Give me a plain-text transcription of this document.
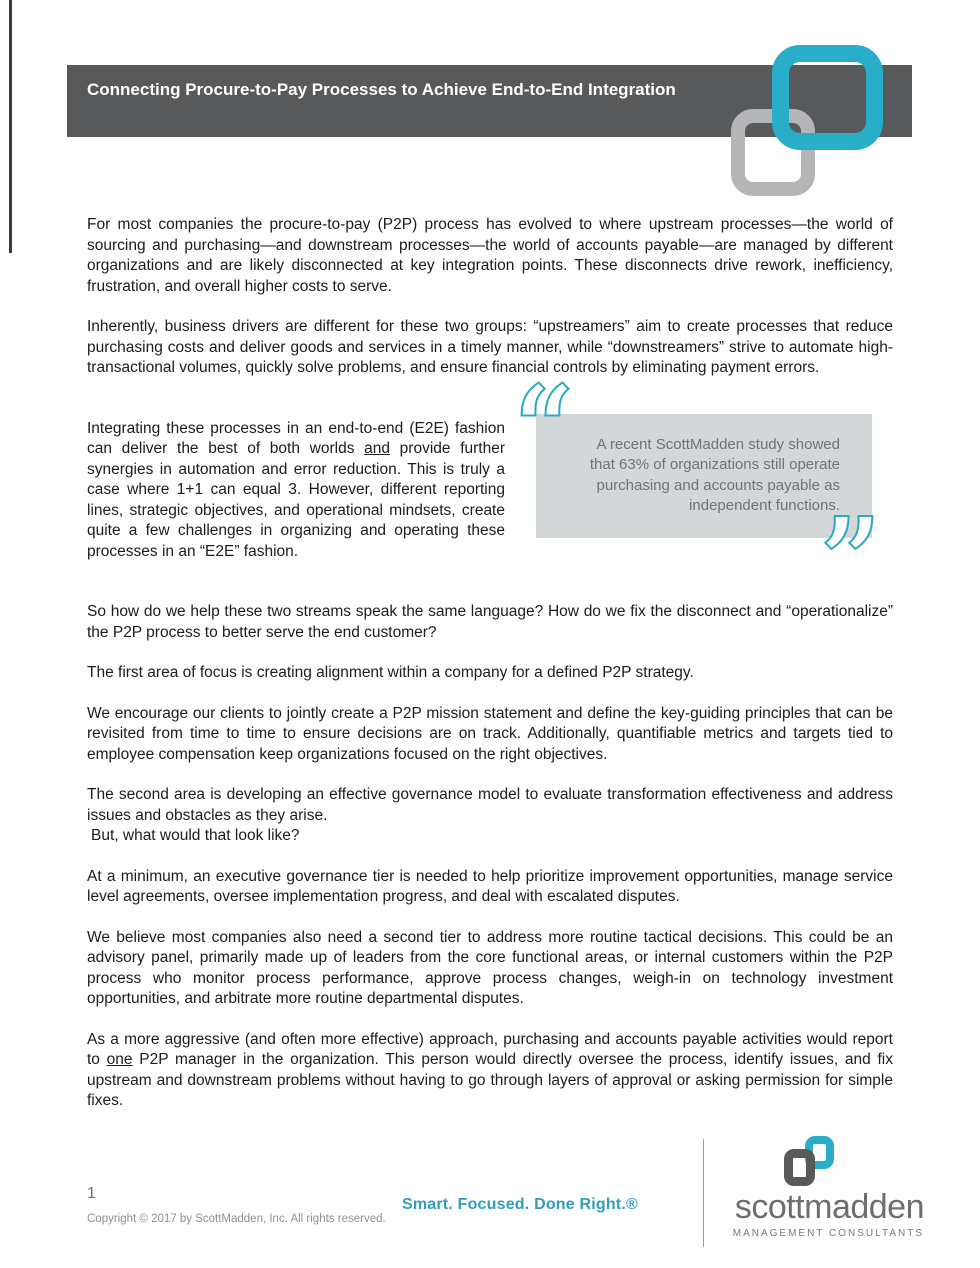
Connecting Procure-to-Pay Processes to Achieve End-to-End Integration

For most companies the procure-to-pay (P2P) process has evolved to where upstream processes—the world of sourcing and purchasing—and downstream processes—the world of accounts payable—are managed by different organizations and are likely disconnected at key integration points. These disconnects drive rework, inefficiency, frustration, and overall higher costs to serve.

Inherently, business drivers are different for these two groups: “upstreamers” aim to create processes that reduce purchasing costs and deliver goods and services in a timely manner, while “downstreamers” strive to automate high-transactional volumes, quickly solve problems, and ensure financial controls by eliminating payment errors.

Integrating these processes in an end-to-end (E2E) fashion can deliver the best of both worlds and provide further synergies in automation and error reduction. This is truly a case where 1+1 can equal 3. However, different reporting lines, strategic objectives, and operational mindsets, create quite a few challenges in organizing and operating these processes in an “E2E” fashion.

“	A recent ScottMadden study showed that 63% of organizations still operate purchasing and accounts payable as independent functions.
”

So how do we help these two streams speak the same language? How do we fix the disconnect and “operationalize” the P2P process to better serve the end customer?

The first area of focus is creating alignment within a company for a defined P2P strategy.

We encourage our clients to jointly create a P2P mission statement and define the key-guiding principles that can be revisited from time to time to ensure decisions are on track. Additionally, quantifiable metrics and targets tied to employee compensation keep organizations focused on the right objectives.

The second area is developing an effective governance model to evaluate transformation effectiveness and address issues and obstacles as they arise.
But, what would that look like?

At a minimum, an executive governance tier is needed to help prioritize improvement opportunities, manage service level agreements, oversee implementation progress, and deal with escalated disputes.

We believe most companies also need a second tier to address more routine tactical decisions. This could be an advisory panel, primarily made up of leaders from the core functional areas, or internal customers within the P2P process who monitor process performance, approve process changes, weigh-in on technology investment opportunities, and arbitrate more routine departmental disputes.

As a more aggressive (and often more effective) approach, purchasing and accounts payable activities would report to one P2P manager in the organization. This person would directly oversee the process, identify issues, and fix upstream and downstream problems without having to go through layers of approval or asking permission for simple fixes.

1
Copyright © 2017 by ScottMadden, Inc. All rights reserved.
Smart. Focused. Done Right.®	scottmadden
MANAGEMENT CONSULTANTS
